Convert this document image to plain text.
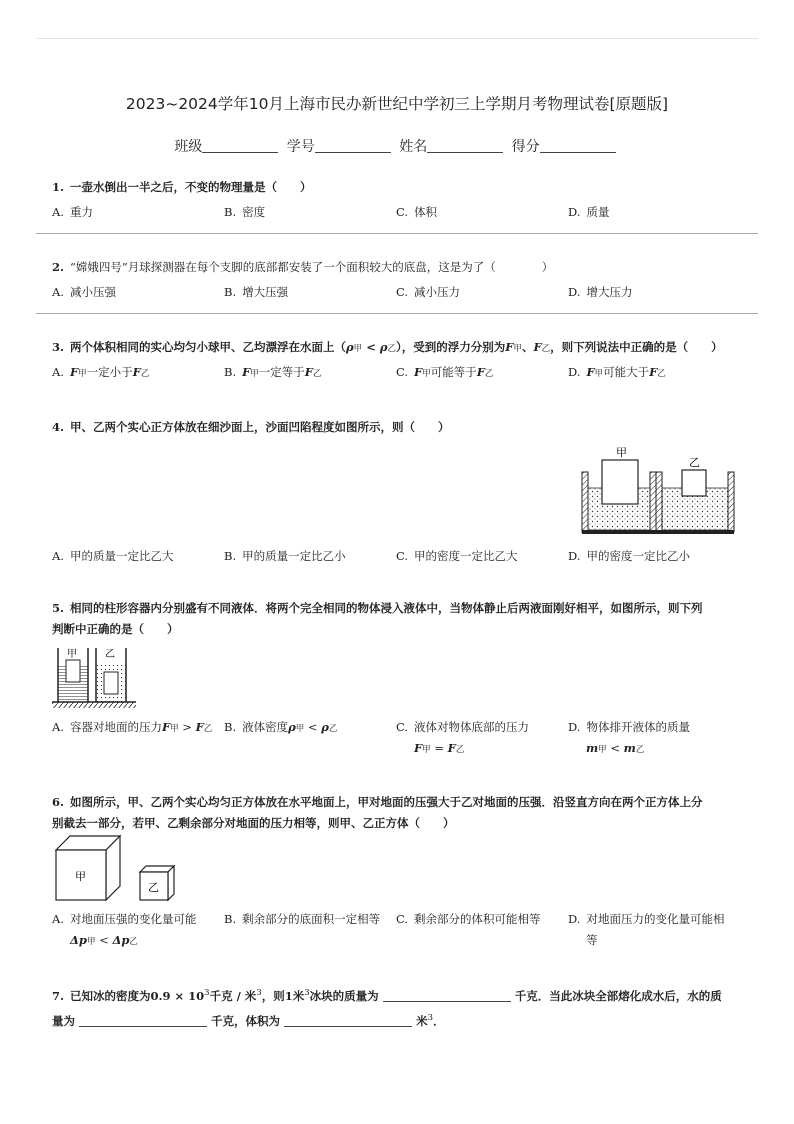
2023~2024学年10月上海市民办新世纪中学初三上学期月考物理试卷[原题版]
班级	学号	姓名	得分
1. 一壶水倒出一半之后，不变的物理量是（　　）
A. 重力	B. 密度	C. 体积	D. 质量
2. “嫦娥四号”月球探测器在每个支脚的底部都安装了一个面积较大的底盘，这是为了（　　　　）
A. 减小压强	B. 增大压强	C. 减小压力	D. 增大压力
3. 两个体积相同的实心均匀小球甲、乙均漂浮在水面上（ρ甲 < ρ乙），受到的浮力分别为F甲、F乙，则下列说法中正确的是（　　）
A. F甲一定小于F乙	B. F甲一定等于F乙	C. F甲可能等于F乙	D. F甲可能大于F乙
4. 甲、乙两个实心正方体放在细沙面上，沙面凹陷程度如图所示，则（　　）
甲
乙
A. 甲的质量一定比乙大	B. 甲的质量一定比乙小	C. 甲的密度一定比乙大	D. 甲的密度一定比乙小
5. 相同的柱形容器内分别盛有不同液体．将两个完全相同的物体浸入液体中，当物体静止后两液面刚好相平，如图所示，则下列
判断中正确的是（　　）
甲	乙
A. 容器对地面的压力F甲 > F乙	B. 液体密度ρ甲 < ρ乙	C. 液体对物体底部的压力
F甲 = F乙
D. 物体排开液体的质量
m甲 < m乙
6. 如图所示，甲、乙两个实心均匀正方体放在水平地面上，甲对地面的压强大于乙对地面的压强．沿竖直方向在两个正方体上分
别截去一部分，若甲、乙剩余部分对地面的压力相等，则甲、乙正方体（　　）
甲
乙
A. 对地面压强的变化量可能
Δp甲 < Δp乙
B. 剩余部分的底面积一定相等	C. 剩余部分的体积可能相等	D. 对地面压力的变化量可能相
等
7. 已知冰的密度为$0.9 \times 10^3$千克 / 米$^3$，则1米$^3$冰块的质量为	千克．当此冰块全部熔化成水后，水的质
量为	千克，体积为	米$^3$．
